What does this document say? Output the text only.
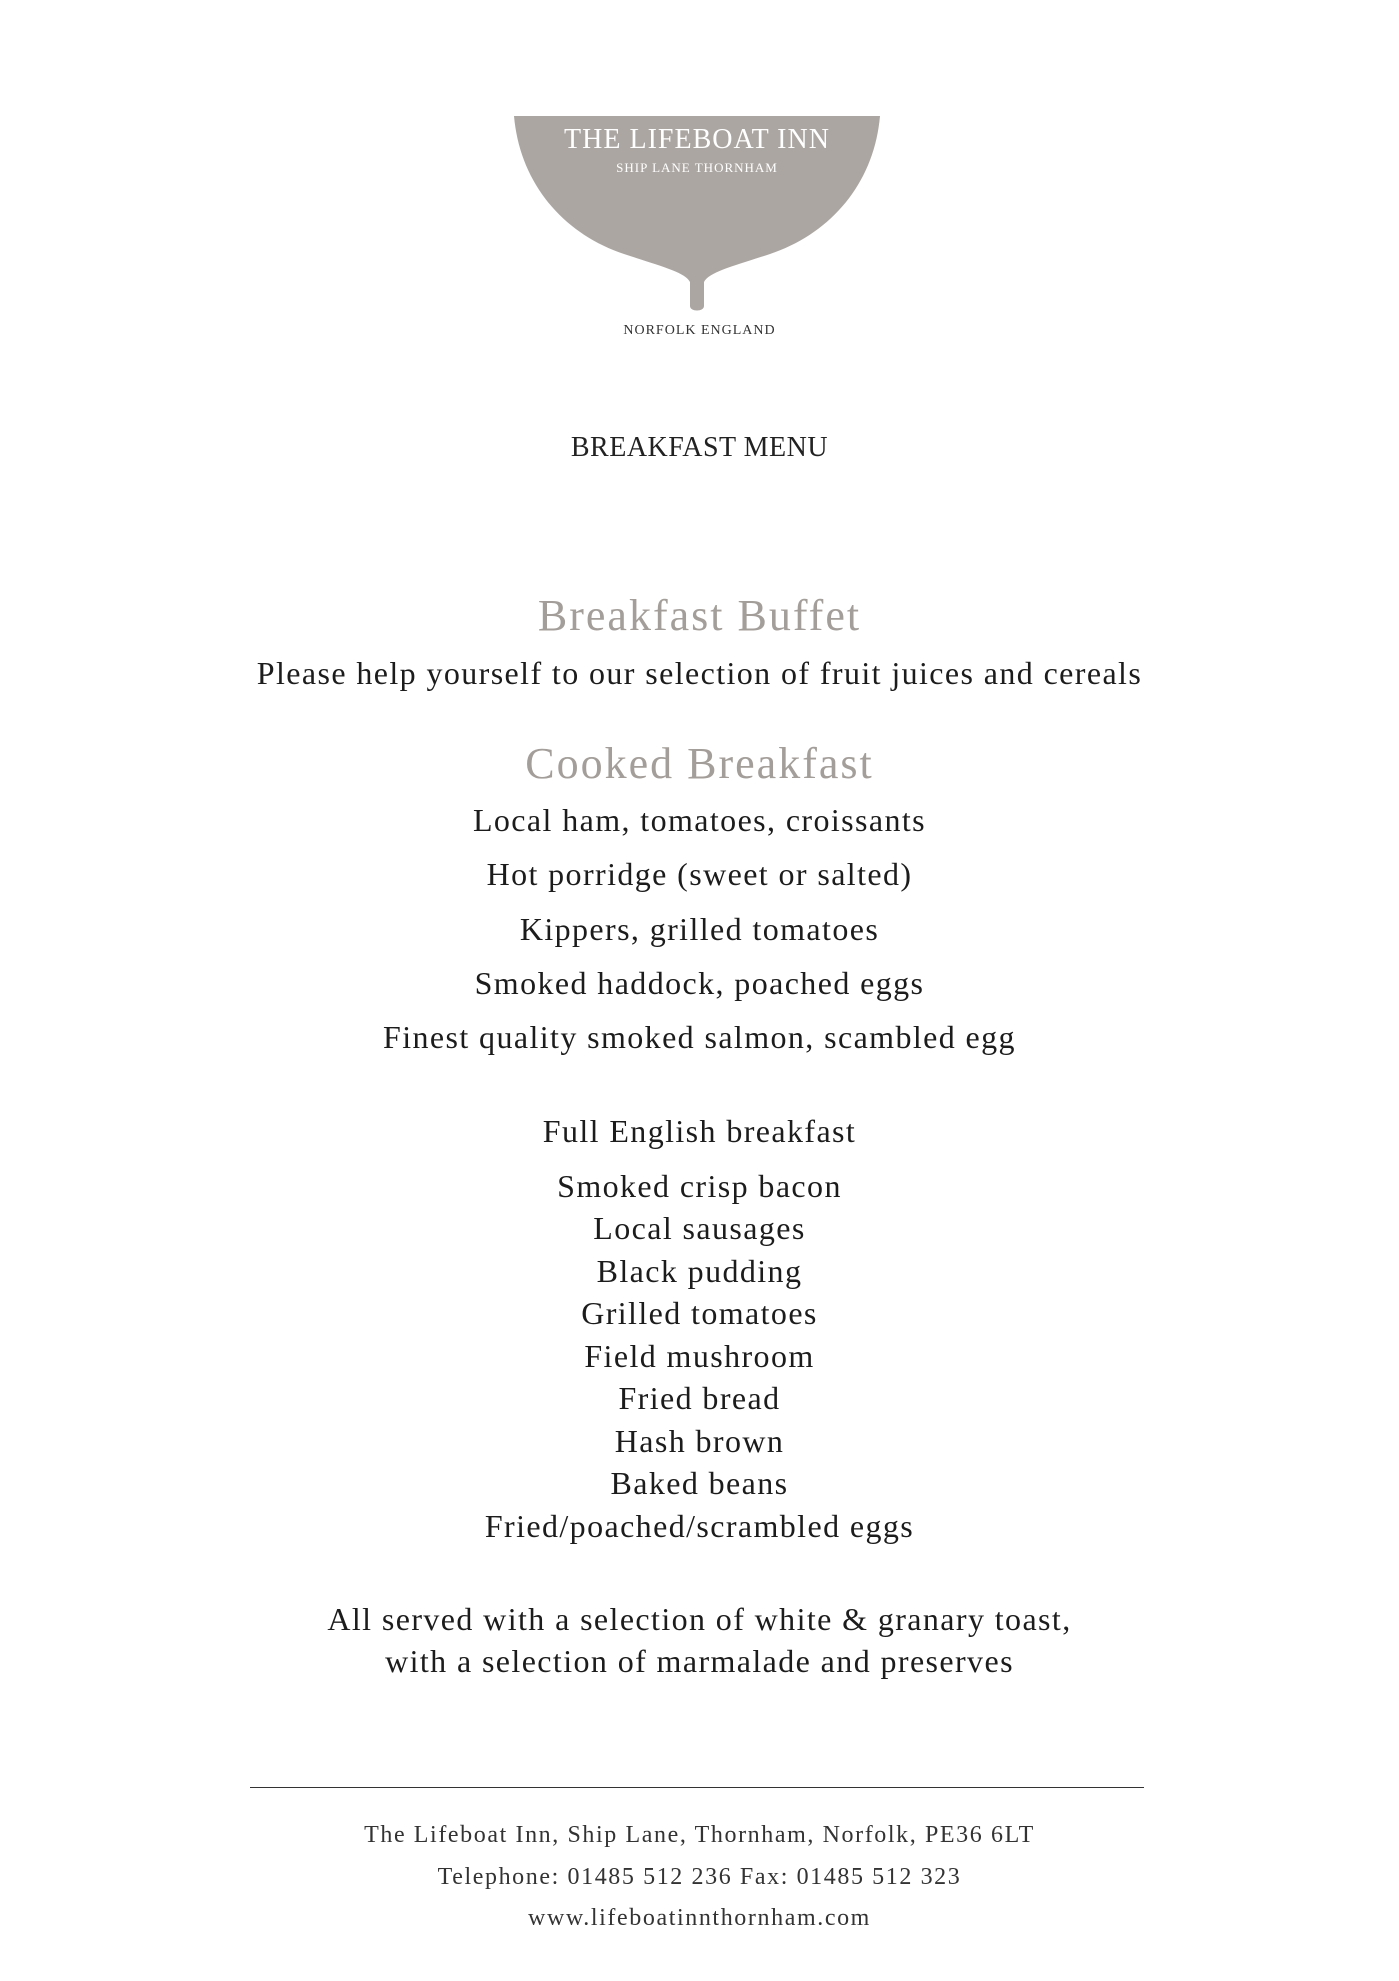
THE LIFEBOAT INN
SHIP LANE THORNHAM

NORFOLK ENGLAND

BREAKFAST MENU

Breakfast Buffet

Please help yourself to our selection of fruit juices and cereals

Cooked Breakfast

Local ham, tomatoes, croissants

Hot porridge (sweet or salted)

Kippers, grilled tomatoes

Smoked haddock, poached eggs

Finest quality smoked salmon, scambled egg

Full English breakfast

Smoked crisp bacon

Local sausages

Black pudding

Grilled tomatoes

Field mushroom

Fried bread

Hash brown

Baked beans

Fried/poached/scrambled eggs

All served with a selection of white & granary toast,

with a selection of marmalade and preserves

The Lifeboat Inn, Ship Lane, Thornham, Norfolk, PE36 6LT

Telephone: 01485 512 236 Fax: 01485 512 323

www.lifeboatinnthornham.com
